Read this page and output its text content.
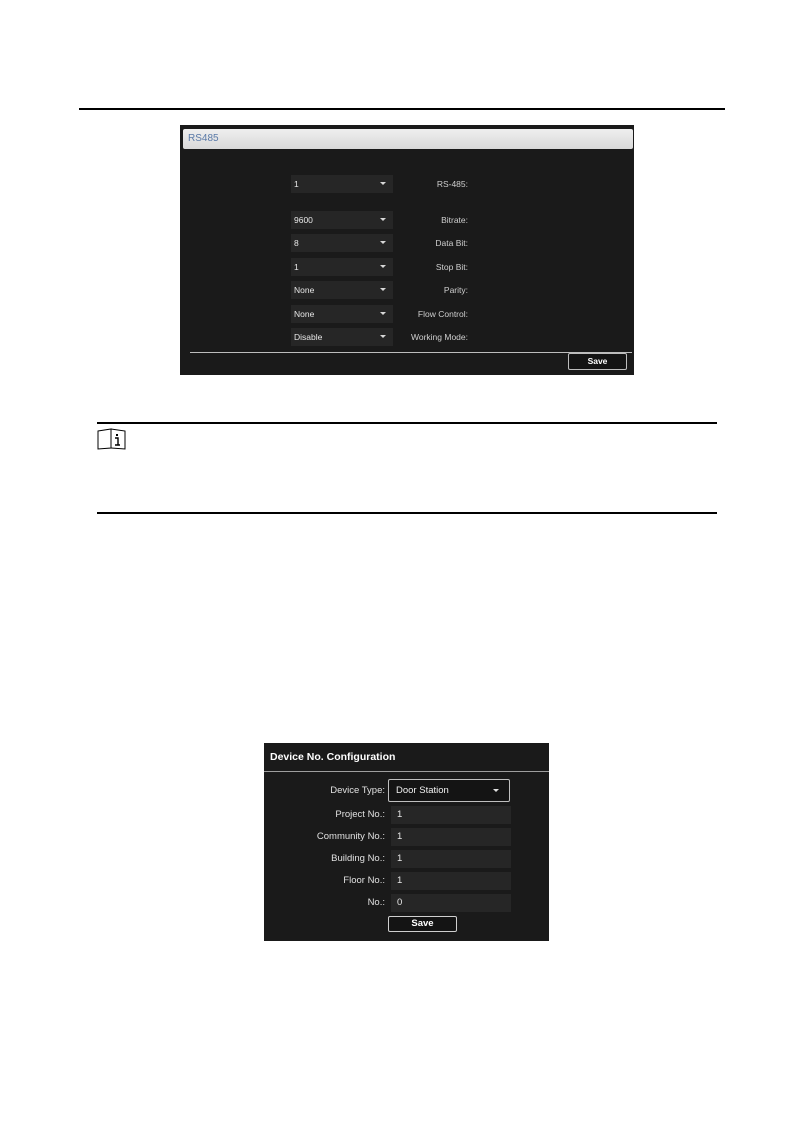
RS485
RS-485:
1
Bitrate:
9600
Data Bit:
8
Stop Bit:
1
Parity:
None
Flow Control:
None
Working Mode:
Disable
Save
Device No. Configuration
Device Type:	Door Station
Project No.:	1
Community No.:	1
Building No.:	1
Floor No.:	1
No.:	0
Save
